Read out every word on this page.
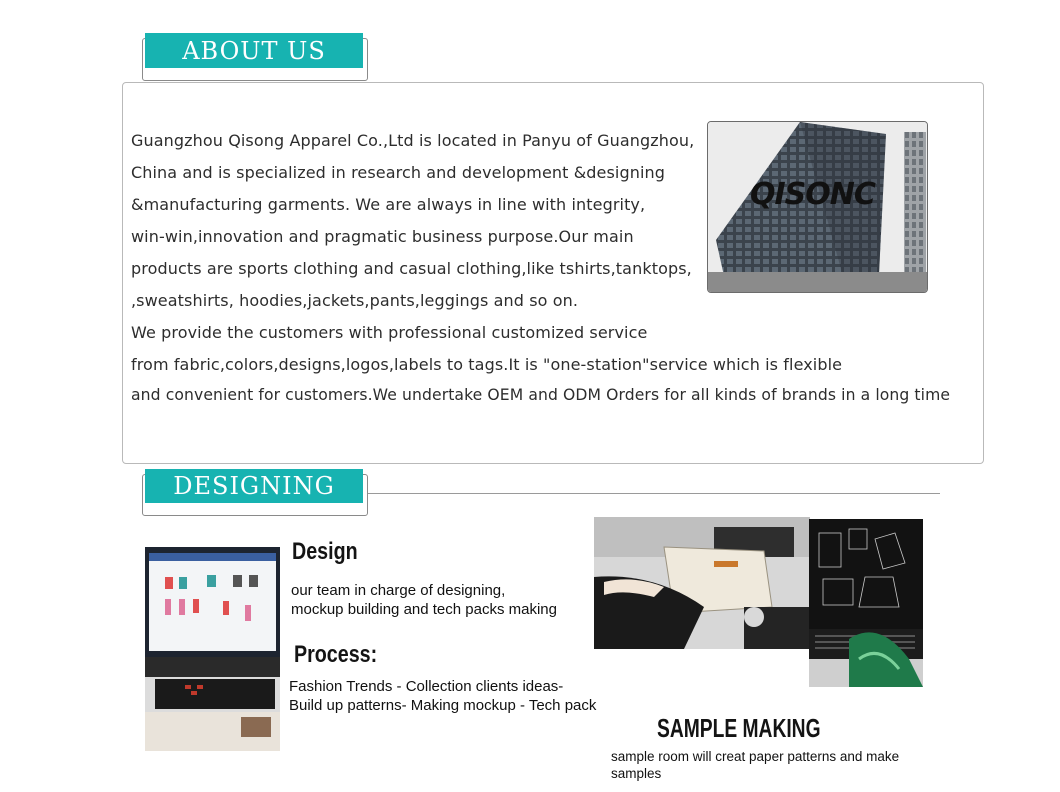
ABOUT US
Guangzhou Qisong Apparel Co.,Ltd is located in Panyu of Guangzhou,
China and is specialized in research and development &designing
&manufacturing garments. We are always in line with integrity,
win-win,innovation and pragmatic business purpose.Our main
products are sports clothing and casual clothing,like tshirts,tanktops,
,sweatshirts, hoodies,jackets,pants,leggings and so on.
We provide the customers with professional customized service
from fabric,colors,designs,logos,labels to tags.It is "one-station"service which is flexible
and convenient for customers.We undertake OEM and ODM Orders for all kinds of brands in a long time
QISONC
DESIGNING
Design
our team in charge of designing,
mockup building and tech packs making
Process:
Fashion Trends - Collection clients ideas-
Build up patterns- Making mockup - Tech pack
SAMPLE MAKING
sample room will creat paper patterns and make samples
